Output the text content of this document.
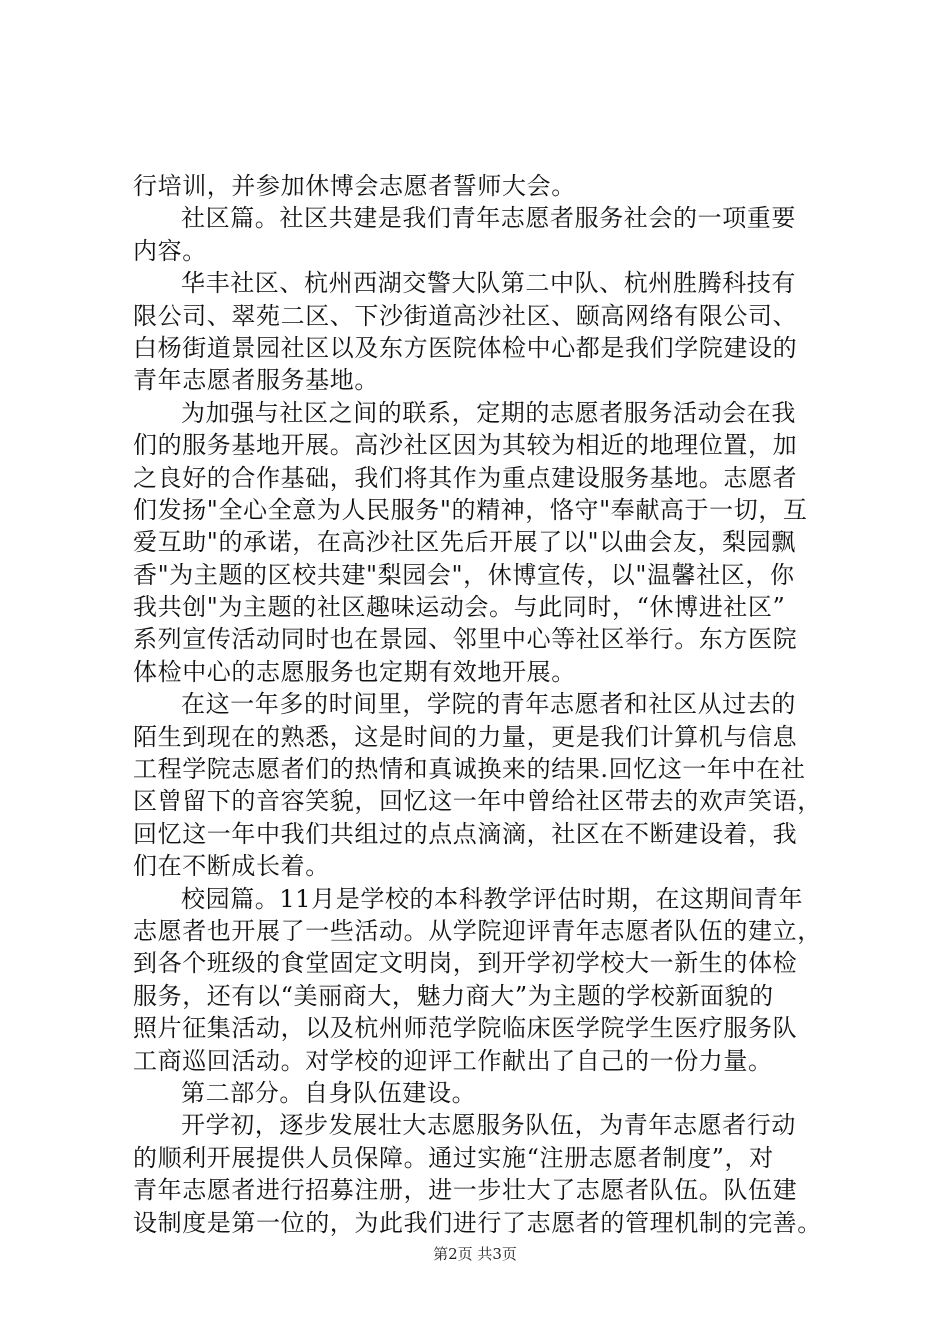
行培训，并参加休博会志愿者誓师大会。
社区篇。社区共建是我们青年志愿者服务社会的一项重要
内容。
华丰社区、杭州西湖交警大队第二中队、杭州胜腾科技有
限公司、翠苑二区、下沙街道高沙社区、颐高网络有限公司、
白杨街道景园社区以及东方医院体检中心都是我们学院建设的
青年志愿者服务基地。
为加强与社区之间的联系，定期的志愿者服务活动会在我
们的服务基地开展。高沙社区因为其较为相近的地理位置，加
之良好的合作基础，我们将其作为重点建设服务基地。志愿者
们发扬"全心全意为人民服务"的精神，恪守"奉献高于一切，互
爱互助"的承诺，在高沙社区先后开展了以"以曲会友，梨园飘
香"为主题的区校共建"梨园会"，休博宣传，以"温馨社区，你
我共创"为主题的社区趣味运动会。与此同时，“休博进社区”
系列宣传活动同时也在景园、邻里中心等社区举行。东方医院
体检中心的志愿服务也定期有效地开展。
在这一年多的时间里，学院的青年志愿者和社区从过去的
陌生到现在的熟悉，这是时间的力量，更是我们计算机与信息
工程学院志愿者们的热情和真诚换来的结果.回忆这一年中在社
区曾留下的音容笑貌，回忆这一年中曾给社区带去的欢声笑语，
回忆这一年中我们共组过的点点滴滴，社区在不断建设着，我
们在不断成长着。
校园篇。11月是学校的本科教学评估时期，在这期间青年
志愿者也开展了一些活动。从学院迎评青年志愿者队伍的建立，
到各个班级的食堂固定文明岗，到开学初学校大一新生的体检
服务，还有以“美丽商大，魅力商大”为主题的学校新面貌的
照片征集活动，以及杭州师范学院临床医学院学生医疗服务队
工商巡回活动。对学校的迎评工作献出了自己的一份力量。
第二部分。自身队伍建设。
开学初，逐步发展壮大志愿服务队伍，为青年志愿者行动
的顺利开展提供人员保障。通过实施“注册志愿者制度”，对
青年志愿者进行招募注册，进一步壮大了志愿者队伍。队伍建
设制度是第一位的，为此我们进行了志愿者的管理机制的完善。
第2页 共3页
